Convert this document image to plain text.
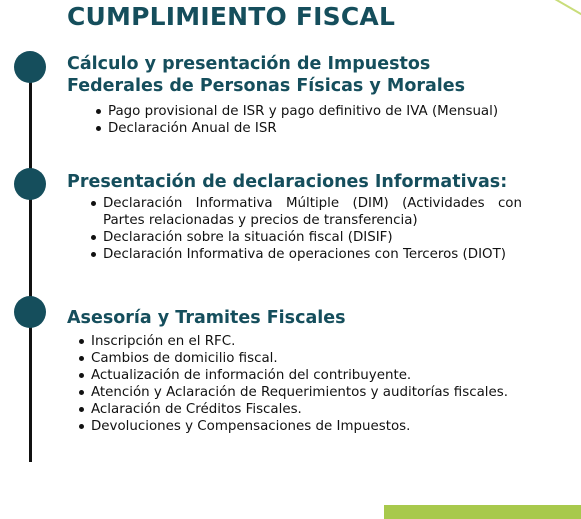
CUMPLIMIENTO FISCAL
Cálculo y presentación de Impuestos
Federales de Personas Físicas y Morales
Pago provisional de ISR y pago definitivo de IVA (Mensual)
Declaración Anual de ISR
Presentación de declaraciones Informativas:
Declaración Informativa Múltiple (DIM) (Actividades con Partes relacionadas y precios de transferencia)
Declaración sobre la situación fiscal (DISIF)
Declaración Informativa de operaciones con Terceros (DIOT)
Asesoría y Tramites Fiscales
Inscripción en el RFC.
Cambios de domicilio fiscal.
Actualización de información del contribuyente.
Atención y Aclaración de Requerimientos y auditorías fiscales.
Aclaración de Créditos Fiscales.
Devoluciones y Compensaciones de Impuestos.
